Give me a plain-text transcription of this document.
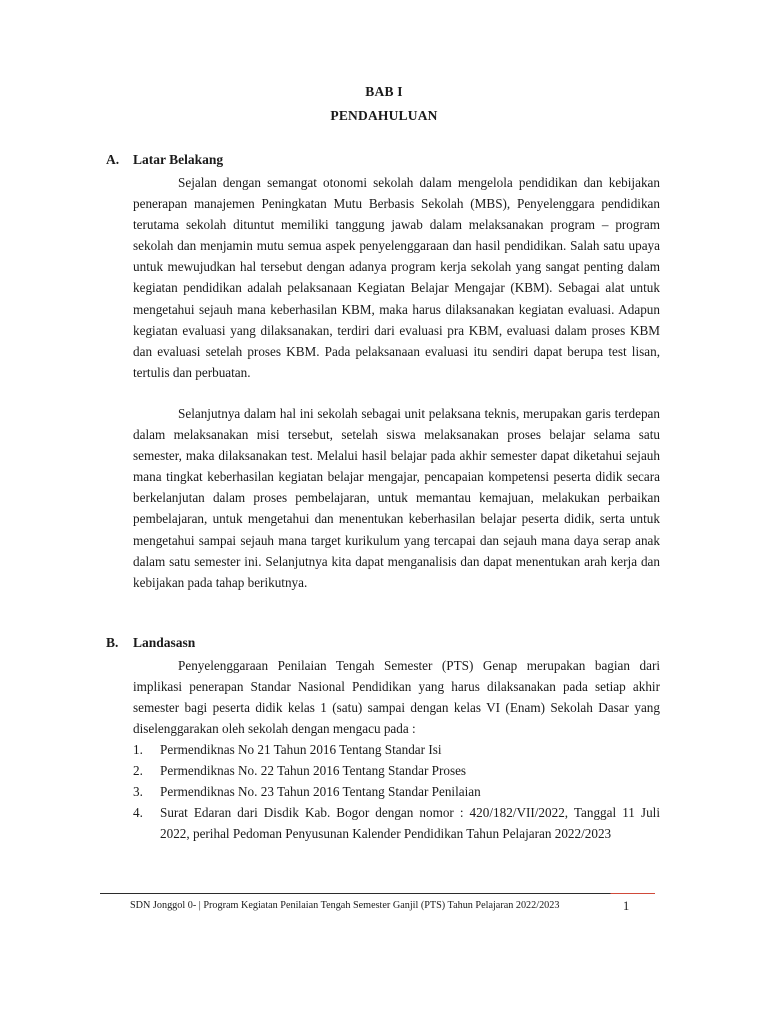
BAB I
PENDAHULUAN
A. Latar Belakang

Sejalan dengan semangat otonomi sekolah dalam mengelola pendidikan dan kebijakan penerapan manajemen Peningkatan Mutu Berbasis Sekolah (MBS), Penyelenggara pendidikan terutama sekolah dituntut memiliki tanggung jawab dalam melaksanakan program – program sekolah dan menjamin mutu semua aspek penyelenggaraan dan hasil pendidikan. Salah satu upaya untuk mewujudkan hal tersebut dengan adanya program kerja sekolah yang sangat penting dalam kegiatan pendidikan adalah pelaksanaan Kegiatan Belajar Mengajar (KBM). Sebagai alat untuk mengetahui sejauh mana keberhasilan KBM, maka harus dilaksanakan kegiatan evaluasi. Adapun kegiatan evaluasi yang dilaksanakan, terdiri dari evaluasi pra KBM, evaluasi dalam proses KBM dan evaluasi setelah proses KBM. Pada pelaksanaan evaluasi itu sendiri dapat berupa test lisan, tertulis dan perbuatan.

Selanjutnya dalam hal ini sekolah sebagai unit pelaksana teknis, merupakan garis terdepan dalam melaksanakan misi tersebut, setelah siswa melaksanakan proses belajar selama satu semester, maka dilaksanakan test. Melalui hasil belajar pada akhir semester dapat diketahui sejauh mana tingkat keberhasilan kegiatan belajar mengajar, pencapaian kompetensi peserta didik secara berkelanjutan dalam proses pembelajaran, untuk memantau kemajuan, melakukan perbaikan pembelajaran, untuk mengetahui dan menentukan keberhasilan belajar peserta didik, serta untuk mengetahui sampai sejauh mana target kurikulum yang tercapai dan sejauh mana daya serap anak dalam satu semester ini. Selanjutnya kita dapat menganalisis dan dapat menentukan arah kerja dan kebijakan pada tahap berikutnya.

B. Landasasn

Penyelenggaraan Penilaian Tengah Semester (PTS) Genap merupakan bagian dari implikasi penerapan Standar Nasional Pendidikan yang harus dilaksanakan pada setiap akhir semester bagi peserta didik kelas 1 (satu) sampai dengan kelas VI (Enam) Sekolah Dasar yang diselenggarakan oleh sekolah dengan mengacu pada :

1. Permendiknas No 21 Tahun 2016 Tentang Standar Isi
2. Permendiknas No. 22 Tahun 2016 Tentang Standar Proses
3. Permendiknas No. 23 Tahun 2016 Tentang Standar Penilaian
4. Surat Edaran dari Disdik Kab. Bogor dengan nomor : 420/182/VII/2022, Tanggal 11 Juli 2022, perihal Pedoman Penyusunan Kalender Pendidikan Tahun Pelajaran 2022/2023
SDN Jonggol 0- | Program Kegiatan Penilaian Tengah Semester Ganjil (PTS) Tahun Pelajaran 2022/2023	1
